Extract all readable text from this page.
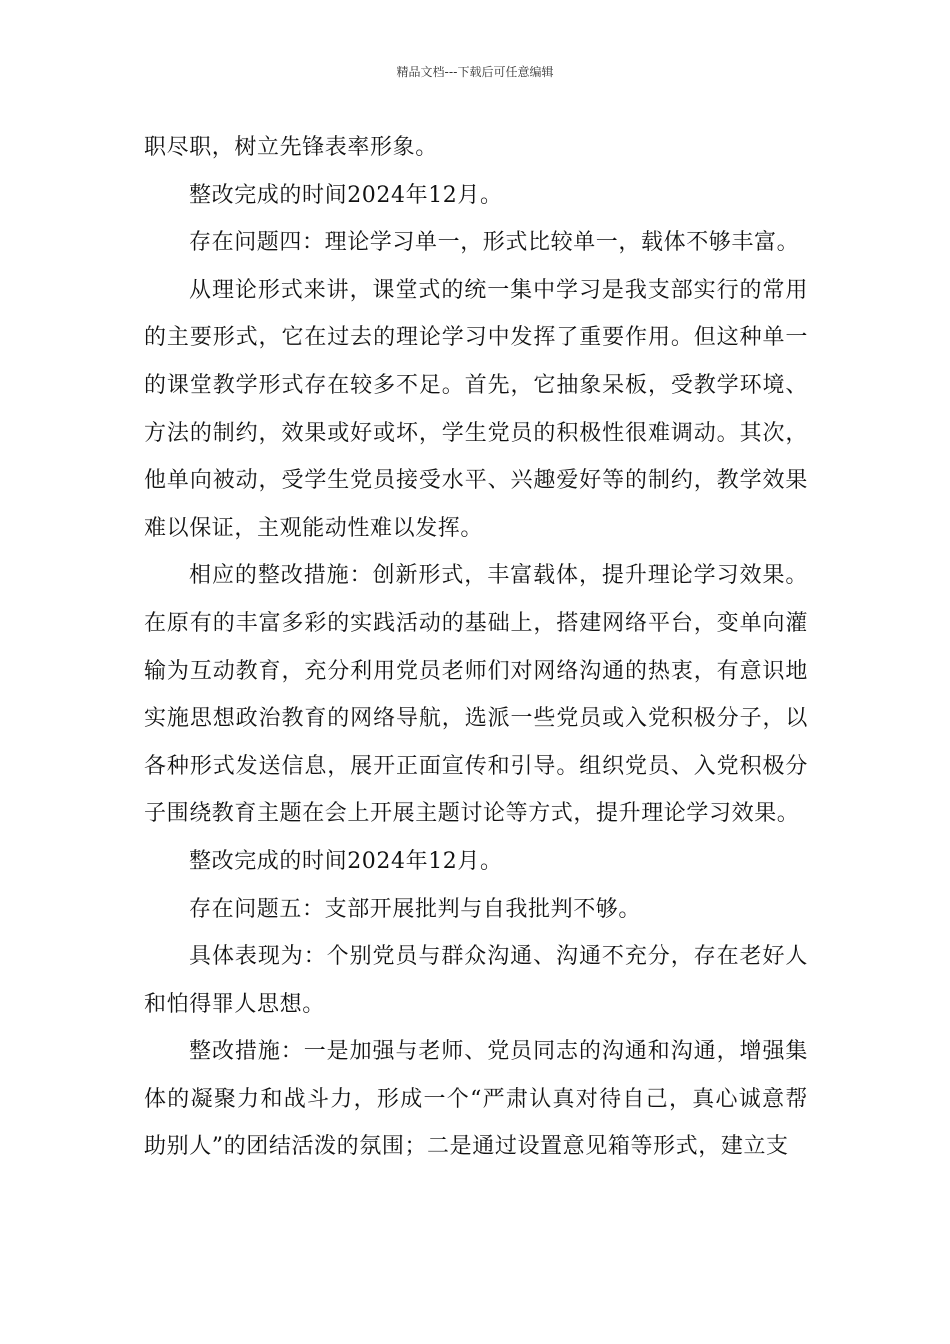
精品文档---下载后可任意编辑

职尽职，树立先锋表率形象。

整改完成的时间2024年12月。

存在问题四：理论学习单一，形式比较单一，载体不够丰富。

从理论形式来讲，课堂式的统一集中学习是我支部实行的常用的主要形式，它在过去的理论学习中发挥了重要作用。但这种单一的课堂教学形式存在较多不足。首先，它抽象呆板，受教学环境、方法的制约，效果或好或坏，学生党员的积极性很难调动。其次，他单向被动，受学生党员接受水平、兴趣爱好等的制约，教学效果难以保证，主观能动性难以发挥。

相应的整改措施：创新形式，丰富载体，提升理论学习效果。在原有的丰富多彩的实践活动的基础上，搭建网络平台，变单向灌输为互动教育，充分利用党员老师们对网络沟通的热衷，有意识地实施思想政治教育的网络导航，选派一些党员或入党积极分子，以各种形式发送信息，展开正面宣传和引导。组织党员、入党积极分子围绕教育主题在会上开展主题讨论等方式，提升理论学习效果。

整改完成的时间2024年12月。

存在问题五：支部开展批判与自我批判不够。

具体表现为：个别党员与群众沟通、沟通不充分，存在老好人和怕得罪人思想。

整改措施：一是加强与老师、党员同志的沟通和沟通，增强集体的凝聚力和战斗力，形成一个“严肃认真对待自己，真心诚意帮助别人”的团结活泼的氛围；二是通过设置意见箱等形式，建立支
